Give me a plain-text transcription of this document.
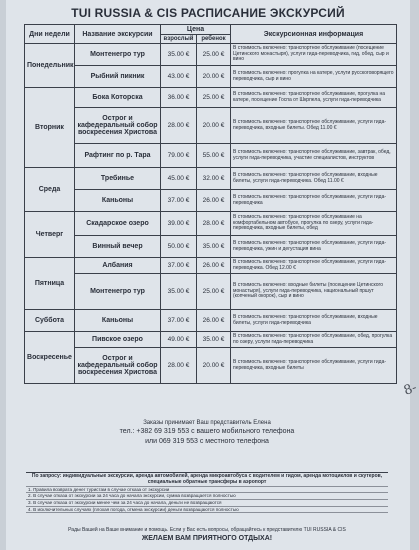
TUI RUSSIA & CIS РАСПИСАНИЕ ЭКСКУРСИЙ
Дни недели	Название экскурсии	Цена		Экскурсионная информация
		взрослый	ребенок	
Понедельник	Монтенегро тур	35.00 €	25.00 €	В стоимость включено: транспортное обслуживание (посещение Цетинского монастыря), услуги гида-переводчика, гид, обед, сыр и вино
	Рыбний пикник	43.00 €	20.00 €	В стоимость включено: прогулка на катере, услуги русскоговорящего переводчика, сыр и вино
Вторник	Бока Которска	36.00 €	25.00 €	В стоимость включено: транспортное обслуживание, прогулка на катере, посещение Госпа от Шкрпела, услуги гида-переводчика
	Острог и кафедеральный собор воскресения Христова	28.00 €	20.00 €	В стоимость включено: транспортное обслуживание, услуги гида-переводчика, входные билеты. Обед 11.00 €
	Рафтинг по р. Тара	79.00 €	55.00 €	В стоимость включено: транспортное обслуживание, завтрак, обед, услуги гида-переводчика, участие специалистов, инструктов
Среда	Требинье	45.00 €	32.00 €	В стоимость включено: транспортное обслуживание, входные билеты, услуги гида-переводчика. Обед 11.00 €
	Каньоны	37.00 €	26.00 €	В стоимость включено: транспортное обслуживание, услуги гида-переводчика
Четверг	Скадарское озеро	39.00 €	28.00 €	В стоимость включено: транспортное обслуживание на комфортабельном автобусе, прогулка по озеру, услуги гида-переводчика, входные билеты, обед
	Винный вечер	50.00 €	35.00 €	В стоимость включено: транспортное обслуживание, услуги гида-переводчика, ужин и дегустация вина
Пятница	Албания	37.00 €	26.00 €	В стоимость включено: транспортное обслуживание, услуги гида-переводчика. Обед 12.00 €
	Монтенегро тур	35.00 €	25.00 €	В стоимость включено: входные билеты (посещение Цетинского монастыря), услуги гида-переводчика, национальный пршут (копченый окорок), сыр и вино
Суббота	Каньоны	37.00 €	26.00 €	В стоимость включено: транспортное обслуживание, входные билеты, услуги гида-переводчика
Воскресенье	Пивское озеро	49.00 €	35.00 €	В стоимость включено: транспортное обслуживание, обед, прогулка по озеру, услуги гида-переводчика
	Острог и кафедеральный собор воскресения Христова	28.00 €	20.00 €	В стоимость включено: транспортное обслуживание, услуги гида-переводчика, входные билеты
Заказы принимает Ваш представитель Елена
тел.: +382 69 319 553 с вашего мобильного телефона
или 069 319 553 с местного телефона
По запросу: индивидуальные экскурсии, аренда автомобилей, аренда микроавтобуса с водителем и гидом, аренда мотоциклов и скутеров, специальные обратные трансферы в аэропорт
1. Правила возврата денег туристам в случае отказа от экскурсии
2. В случае отказа от экскурсии за 24 часа до начала экскурсии, сумма возвращается полностью
3. В случае отказа от экскурсии менее чем за 24 часа до начала, деньги не возвращаются
4. В исключительных случаях (плохая погода, отмена экскурсии) деньги возвращаются полностью
Рады Вашей на Ваше внимание и помощь. Если у Вас есть вопросы, обращайтесь к представителю TUI RUSSIA & CIS
ЖЕЛАЕМ ВАМ ПРИЯТНОГО ОТДЫХА!
8-
